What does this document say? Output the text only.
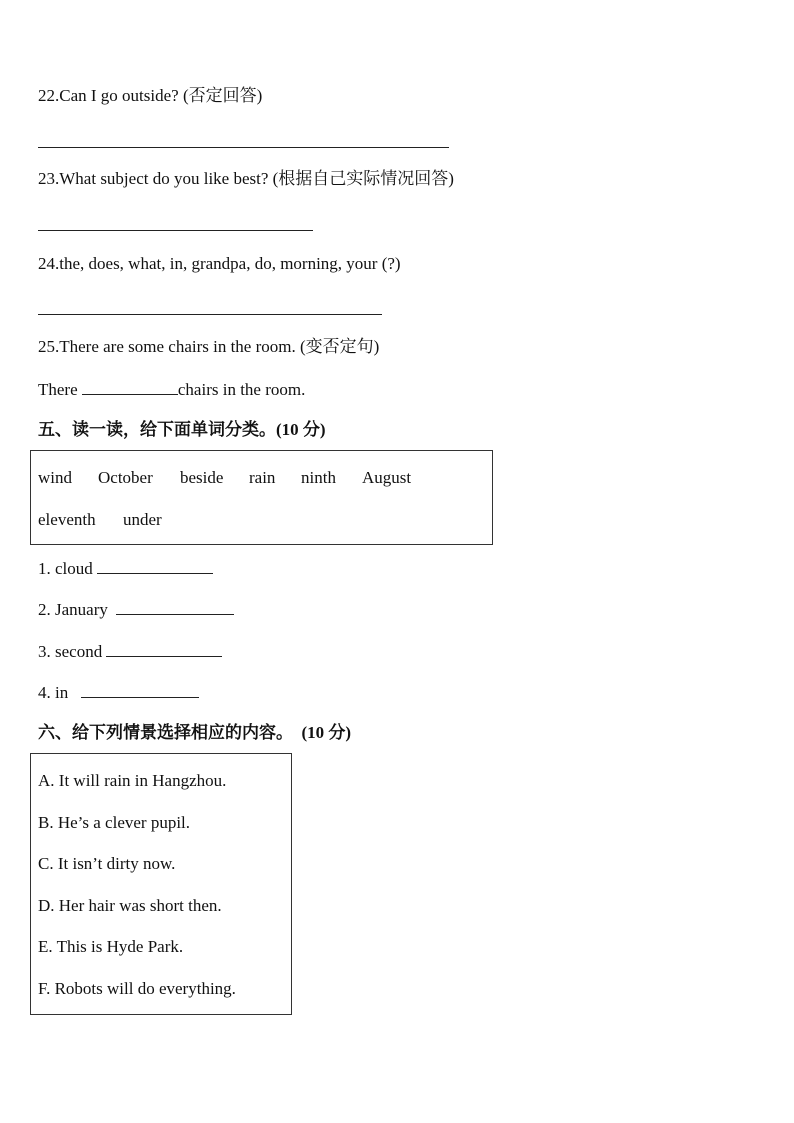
22.Can I go outside? (否定回答)
23.What subject do you like best? (根据自己实际情况回答)
24.the, does, what, in, grandpa, do, morning, your (?)
25.There are some chairs in the room. (变否定句)
There	chairs in the room.
五、读一读，给下面单词分类。(10 分)
wind October beside rain ninth August
eleventh under
1. cloud
2. January
3. second
4. in
六、给下列情景选择相应的内容。 (10 分)
A. It will rain in Hangzhou.
B. He’s a clever pupil.
C. It isn’t dirty now.
D. Her hair was short then.
E. This is Hyde Park.
F. Robots will do everything.
